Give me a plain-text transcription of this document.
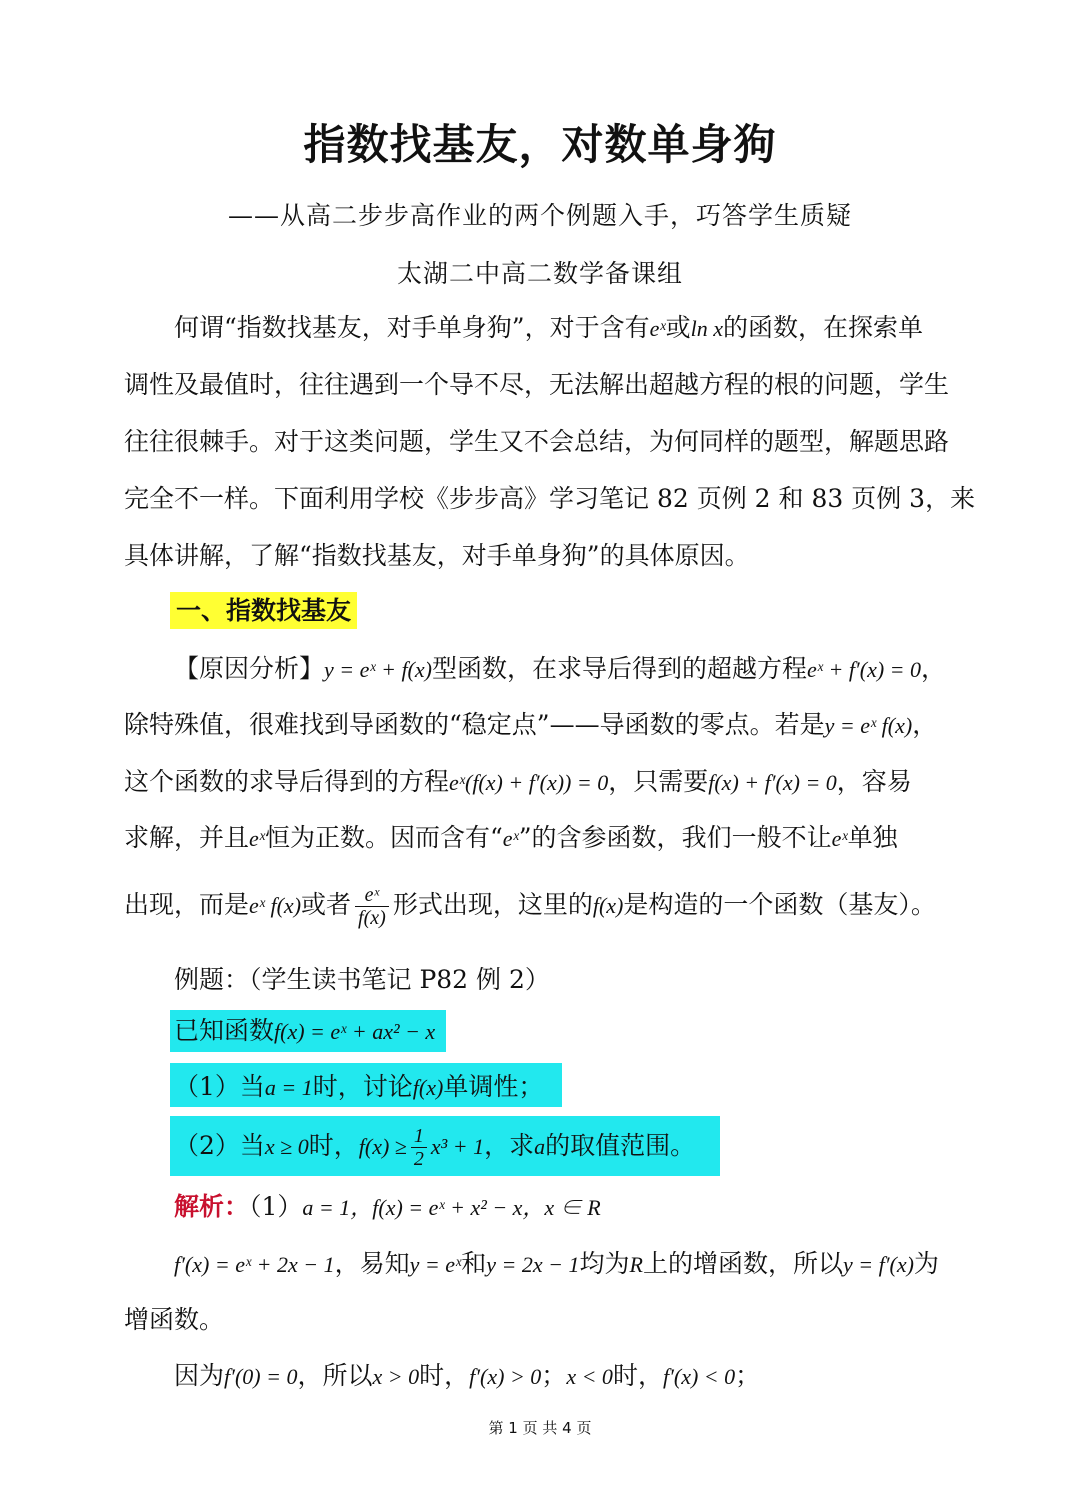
指数找基友，对数单身狗
——从高二步步高作业的两个例题入手，巧答学生质疑
太湖二中高二数学备课组
何谓“指数找基友，对手单身狗”，对于含有eˣ或ln x的函数，在探索单
调性及最值时，往往遇到一个导不尽，无法解出超越方程的根的问题，学生
往往很棘手。对于这类问题，学生又不会总结，为何同样的题型，解题思路
完全不一样。下面利用学校《步步高》学习笔记 82 页例 2 和 83 页例 3，来
具体讲解，了解“指数找基友，对手单身狗”的具体原因。
一、指数找基友
【原因分析】y = eˣ + f(x)型函数，在求导后得到的超越方程eˣ + f′(x) = 0，
除特殊值，很难找到导函数的“稳定点”——导函数的零点。若是y = eˣ f(x)，
这个函数的求导后得到的方程eˣ(f(x) + f′(x)) = 0，只需要f(x) + f′(x) = 0，容易
求解，并且eˣ恒为正数。因而含有“eˣ”的含参函数，我们一般不让eˣ单独
出现，而是eˣ f(x)或者 $\frac{\text{eˣ}}{f(x)}$ 形式出现，这里的f(x)是构造的一个函数（基友）。
例题：（学生读书笔记 P82 例 2）
已知函数f(x) = eˣ + ax² − x
（1）当a = 1时，讨论f(x)单调性；
（2）当x ≥ 0时，$f(x) \ge \frac{1}{2} x^3 + 1$，求a的取值范围。
解析：（1）a = 1，f(x) = eˣ + x² − x，x ∈ R
f′(x) = eˣ + 2x − 1，易知y = eˣ和y = 2x − 1均为R上的增函数，所以y = f′(x)为
增函数。
因为f′(0) = 0，所以x > 0时，f′(x) > 0；x < 0时，f′(x) < 0；
第 1 页 共 4 页
